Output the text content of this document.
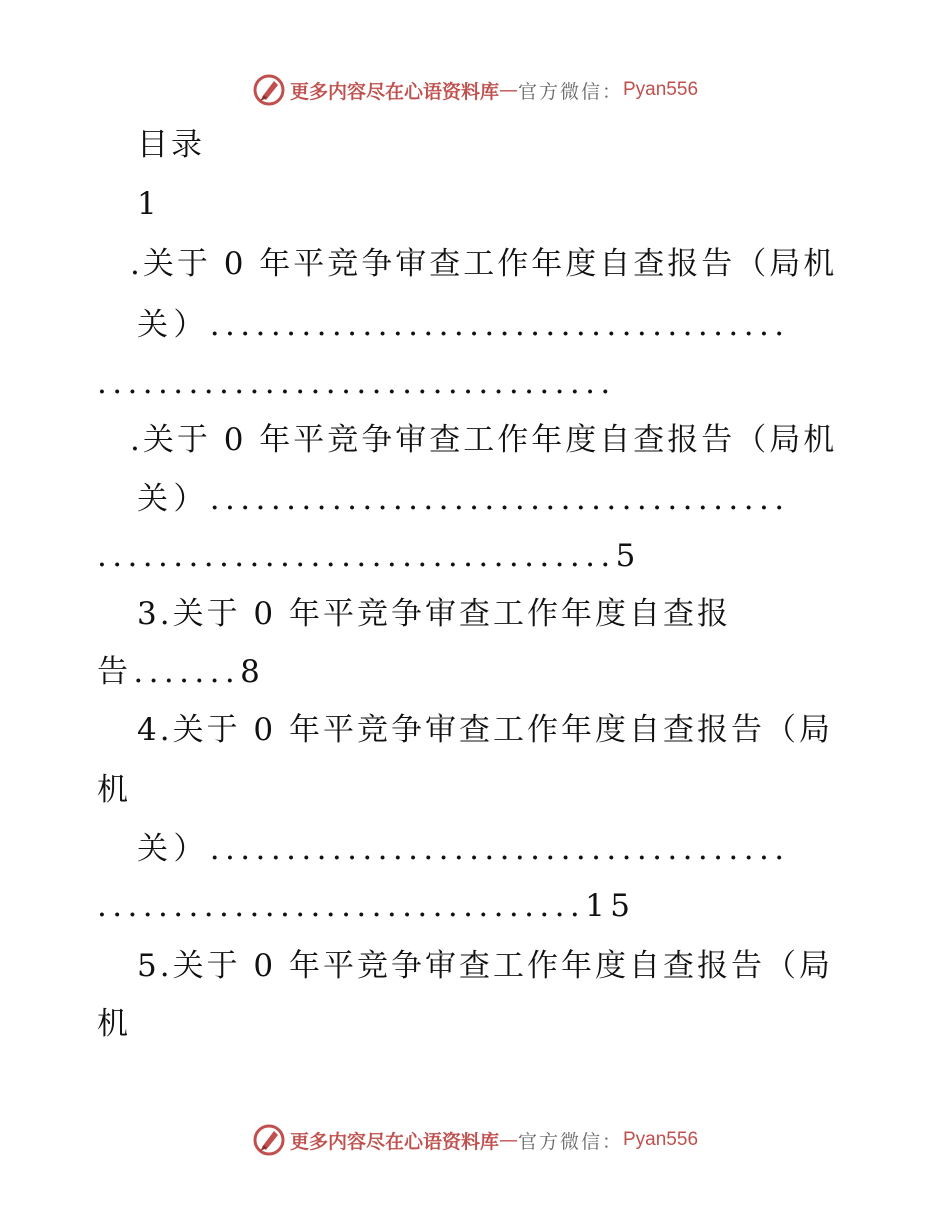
更多内容尽在心语资料库 — 官方微信： Pyan556
目录
1
.关于 0 年平竞争审查工作年度自查报告（局机
关）......................................
..................................
.关于 0 年平竞争审查工作年度自查报告（局机
关）......................................
..................................5
3.关于 0 年平竞争审查工作年度自查报
告.......8
4.关于 0 年平竞争审查工作年度自查报告（局
机
关）......................................
................................15
5.关于 0 年平竞争审查工作年度自查报告（局
机
更多内容尽在心语资料库 — 官方微信： Pyan556
